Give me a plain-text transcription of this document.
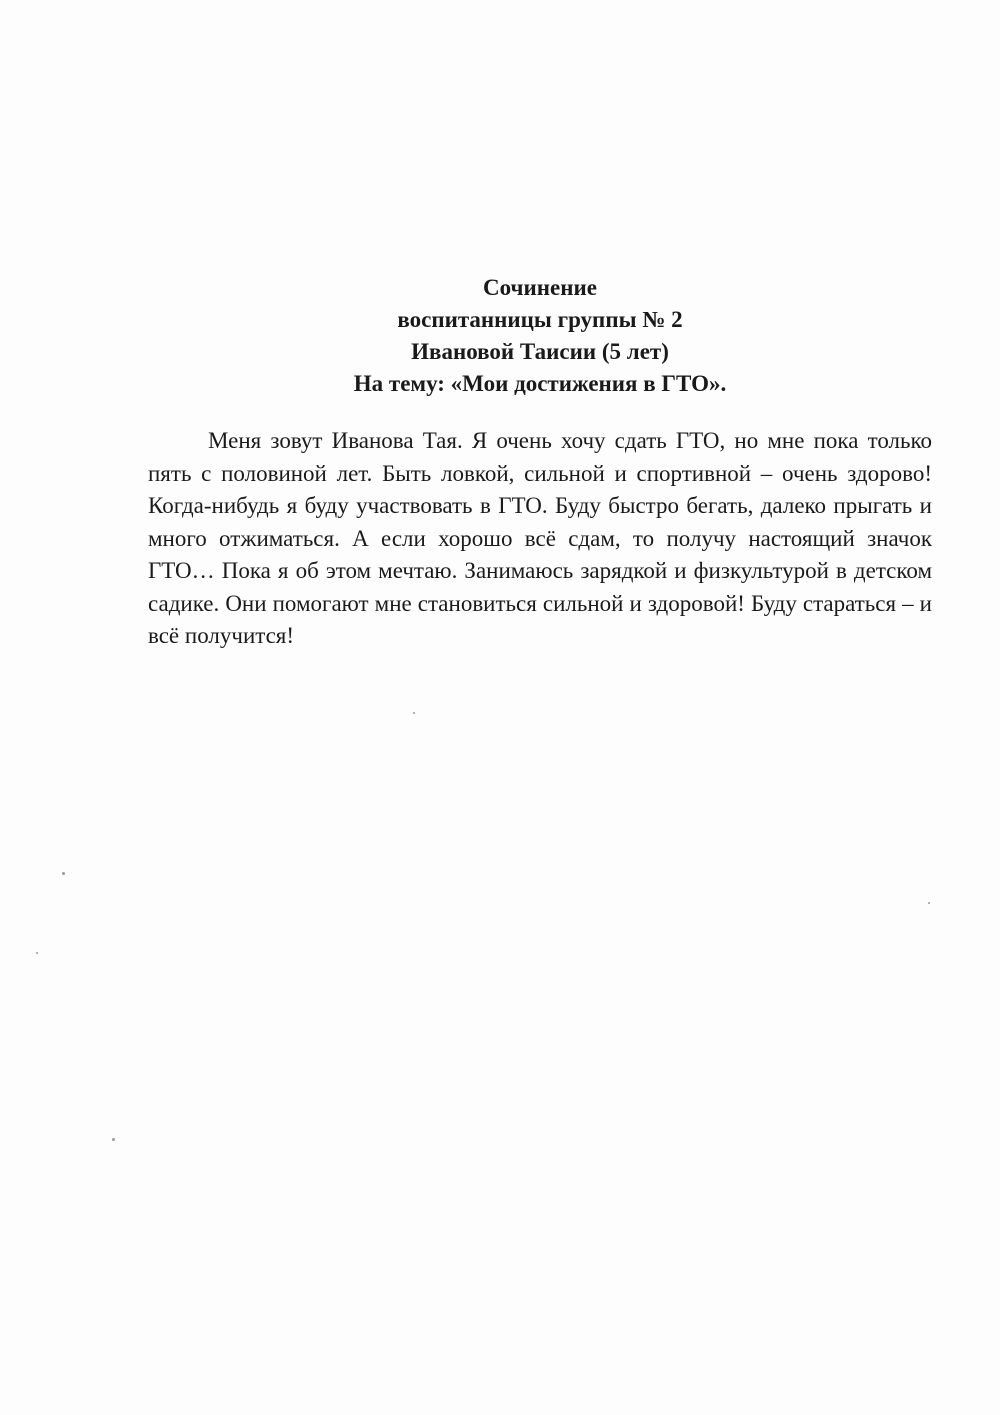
Сочинение
воспитанницы группы № 2
Ивановой Таисии (5 лет)
На тему: «Мои достижения в ГТО».

Меня зовут Иванова Тая. Я очень хочу сдать ГТО, но мне пока только пять с половиной лет. Быть ловкой, сильной и спортивной – очень здорово! Когда-нибудь я буду участвовать в ГТО. Буду быстро бегать, далеко прыгать и много отжиматься. А если хорошо всё сдам, то получу настоящий значок ГТО… Пока я об этом мечтаю. Занимаюсь зарядкой и физкультурой в детском садике. Они помогают мне становиться сильной и здоровой! Буду стараться – и всё получится!
